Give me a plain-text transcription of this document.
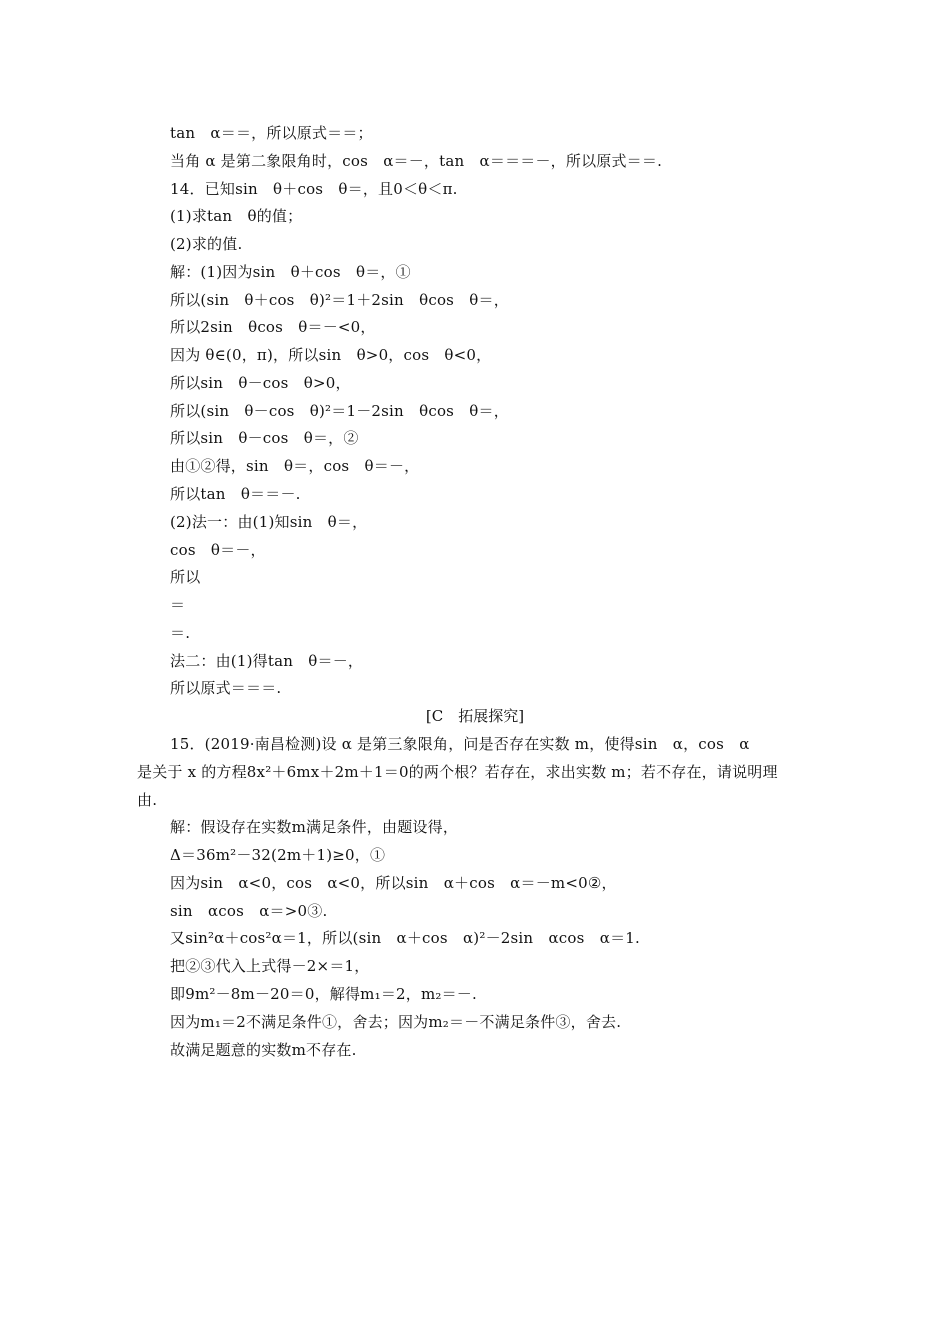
tan　α＝＝，所以原式＝＝；
当角 α 是第二象限角时，cos　α＝－，tan　α＝＝＝－，所以原式＝＝.
14．已知sin　θ＋cos　θ＝，且0＜θ＜π.
(1)求tan　θ的值；
(2)求的值.
解：(1)因为sin　θ＋cos　θ＝，①
所以(sin　θ＋cos　θ)²＝1＋2sin　θcos　θ＝，
所以2sin　θcos　θ＝－<0，
因为 θ∈(0，π)，所以sin　θ>0，cos　θ<0，
所以sin　θ－cos　θ>0，
所以(sin　θ－cos　θ)²＝1－2sin　θcos　θ＝，
所以sin　θ－cos　θ＝，②
由①②得，sin　θ＝，cos　θ＝－，
所以tan　θ＝＝－.
(2)法一：由(1)知sin　θ＝，
cos　θ＝－，
所以
＝
＝.
法二：由(1)得tan　θ＝－，
所以原式＝＝＝.
[C　拓展探究]
15．(2019·南昌检测)设 α 是第三象限角，问是否存在实数 m，使得sin　α，cos　α
是关于 x 的方程8x²＋6mx＋2m＋1＝0的两个根？若存在，求出实数 m；若不存在，请说明理
由.
解：假设存在实数m满足条件，由题设得，
Δ＝36m²－32(2m＋1)≥0，①
因为sin　α<0，cos　α<0，所以sin　α＋cos　α＝－m<0②，
sin　αcos　α＝>0③.
又sin²α＋cos²α＝1，所以(sin　α＋cos　α)²－2sin　αcos　α＝1.
把②③代入上式得－2×＝1，
即9m²－8m－20＝0，解得m₁＝2，m₂＝－.
因为m₁＝2不满足条件①，舍去；因为m₂＝－不满足条件③，舍去.
故满足题意的实数m不存在.
